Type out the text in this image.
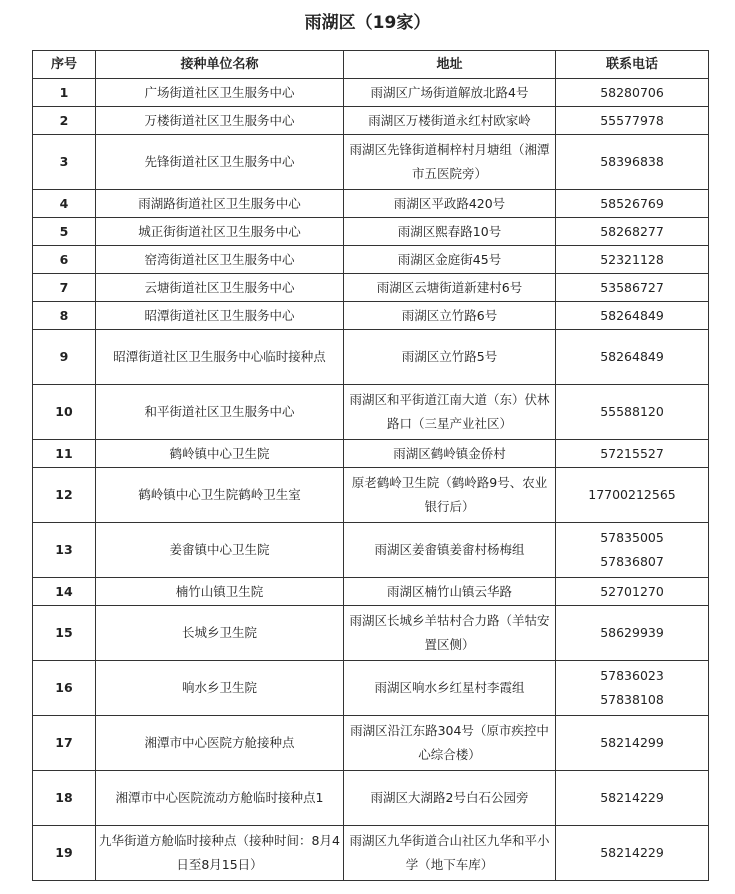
雨湖区（19家）
序号	接种单位名称	地址	联系电话
1	广场街道社区卫生服务中心	雨湖区广场街道解放北路4号	58280706

2	万楼街道社区卫生服务中心	雨湖区万楼街道永红村欧家岭	55577978

3	先锋街道社区卫生服务中心	雨湖区先锋街道桐梓村月塘组（湘潭市五医院旁）	58396838

4	雨湖路街道社区卫生服务中心	雨湖区平政路420号	58526769

5	城正街街道社区卫生服务中心	雨湖区熙春路10号	58268277

6	窑湾街道社区卫生服务中心	雨湖区金庭街45号	52321128

7	云塘街道社区卫生服务中心	雨湖区云塘街道新建村6号	53586727

8	昭潭街道社区卫生服务中心	雨湖区立竹路6号	58264849

9	昭潭街道社区卫生服务中心临时接种点	雨湖区立竹路5号	58264849

10	和平街道社区卫生服务中心	雨湖区和平街道江南大道（东）伏林路口（三星产业社区）	55588120

11	鹤岭镇中心卫生院	雨湖区鹤岭镇金侨村	57215527

12	鹤岭镇中心卫生院鹤岭卫生室	原老鹤岭卫生院（鹤岭路9号、农业银行后）	17700212565

13	姜畬镇中心卫生院	雨湖区姜畬镇姜畬村杨梅组	57835005
57836807

14	楠竹山镇卫生院	雨湖区楠竹山镇云华路	52701270

15	长城乡卫生院	雨湖区长城乡羊牯村合力路（羊牯安置区侧）	58629939

16	响水乡卫生院	雨湖区响水乡红星村李霞组	57836023
57838108

17	湘潭市中心医院方舱接种点	雨湖区沿江东路304号（原市疾控中心综合楼）	58214299

18	湘潭市中心医院流动方舱临时接种点1	雨湖区大湖路2号白石公园旁	58214229

19	九华街道方舱临时接种点（接种时间：8月4日至8月15日）	雨湖区九华街道合山社区九华和平小学（地下车库）	58214229
